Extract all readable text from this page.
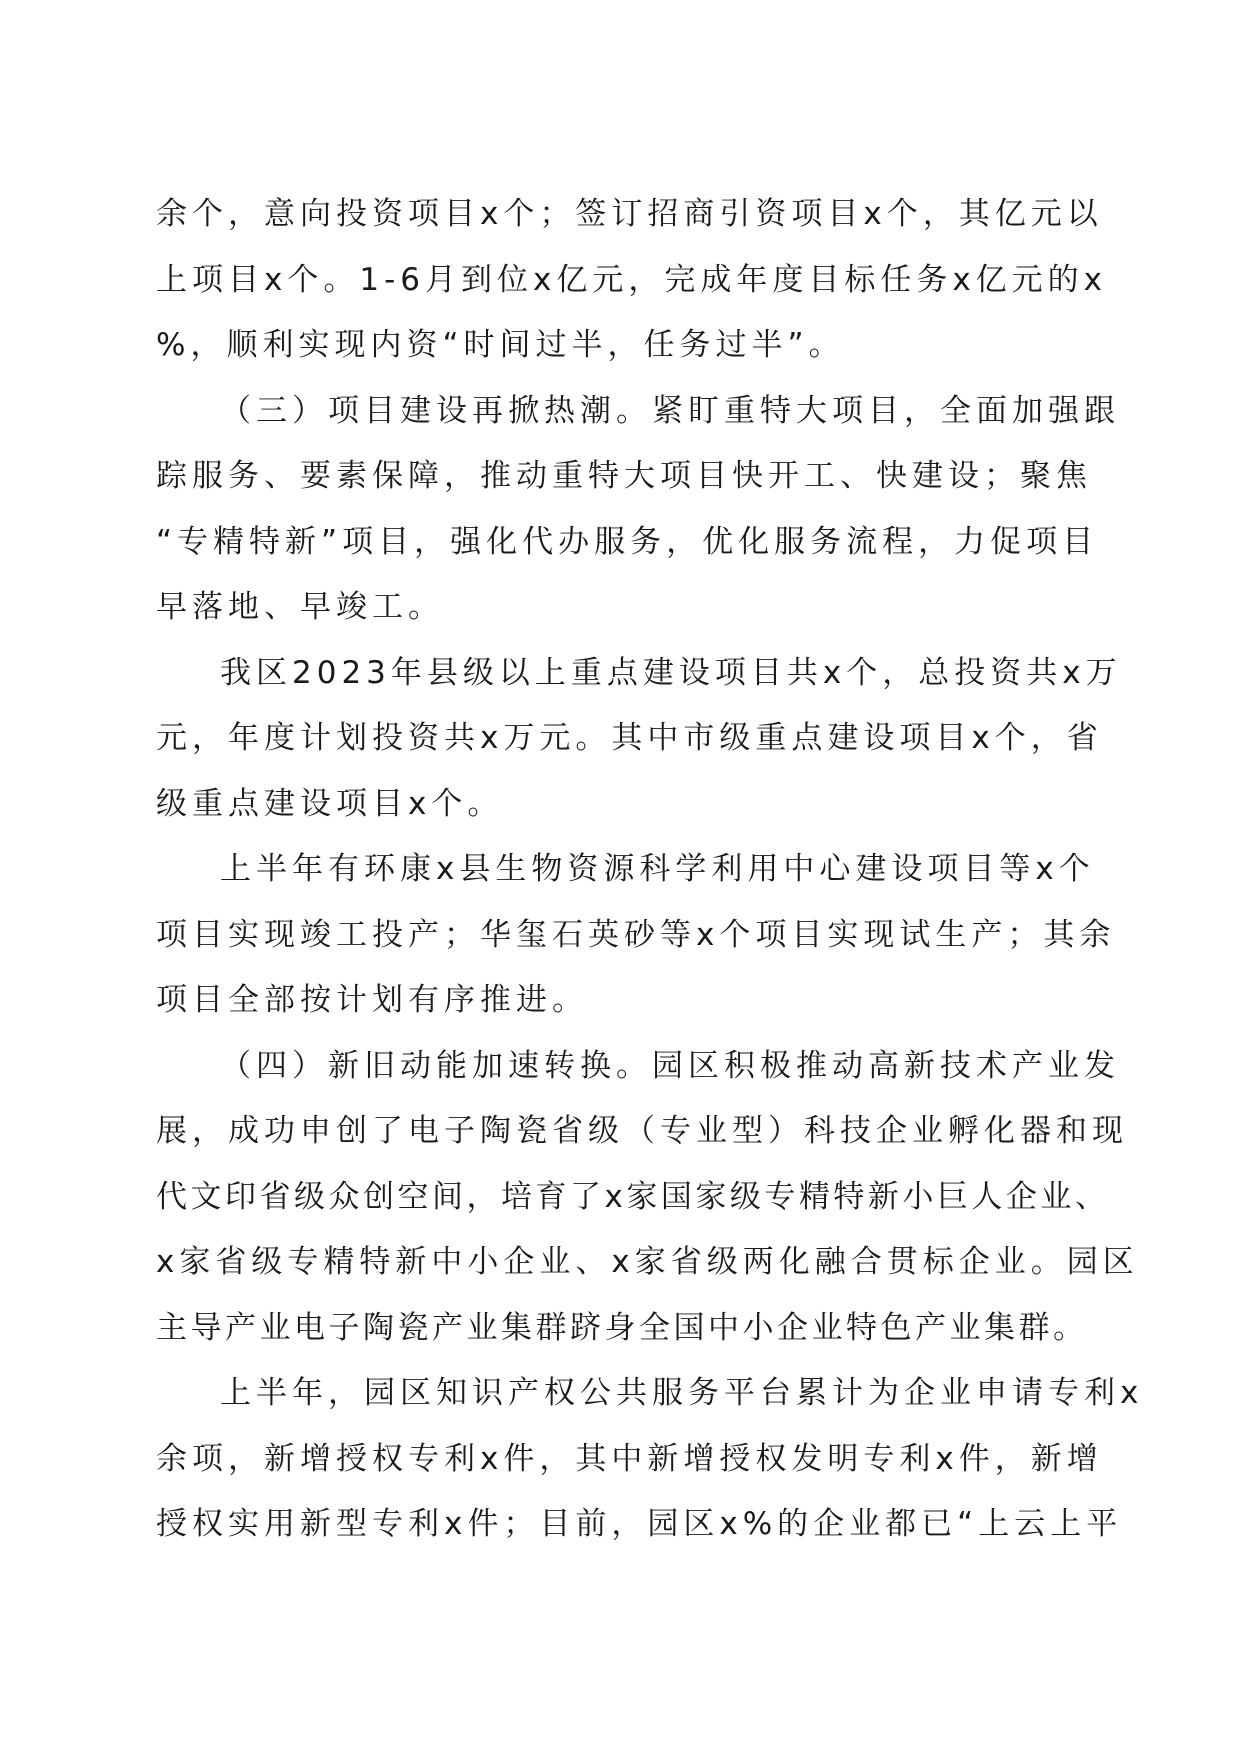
余个，意向投资项目x个；签订招商引资项目x个，其亿元以
上项目x个。1-6月到位x亿元，完成年度目标任务x亿元的x
%，顺利实现内资“时间过半，任务过半”。
（三）项目建设再掀热潮。紧盯重特大项目，全面加强跟
踪服务、要素保障，推动重特大项目快开工、快建设；聚焦
“专精特新”项目，强化代办服务，优化服务流程，力促项目
早落地、早竣工。
我区2023年县级以上重点建设项目共x个，总投资共x万
元，年度计划投资共x万元。其中市级重点建设项目x个，省
级重点建设项目x个。
上半年有环康x县生物资源科学利用中心建设项目等x个
项目实现竣工投产；华玺石英砂等x个项目实现试生产；其余
项目全部按计划有序推进。
（四）新旧动能加速转换。园区积极推动高新技术产业发
展，成功申创了电子陶瓷省级（专业型）科技企业孵化器和现
代文印省级众创空间，培育了x家国家级专精特新小巨人企业、
x家省级专精特新中小企业、x家省级两化融合贯标企业。园区
主导产业电子陶瓷产业集群跻身全国中小企业特色产业集群。
上半年，园区知识产权公共服务平台累计为企业申请专利x
余项，新增授权专利x件，其中新增授权发明专利x件，新增
授权实用新型专利x件；目前，园区x%的企业都已“上云上平
